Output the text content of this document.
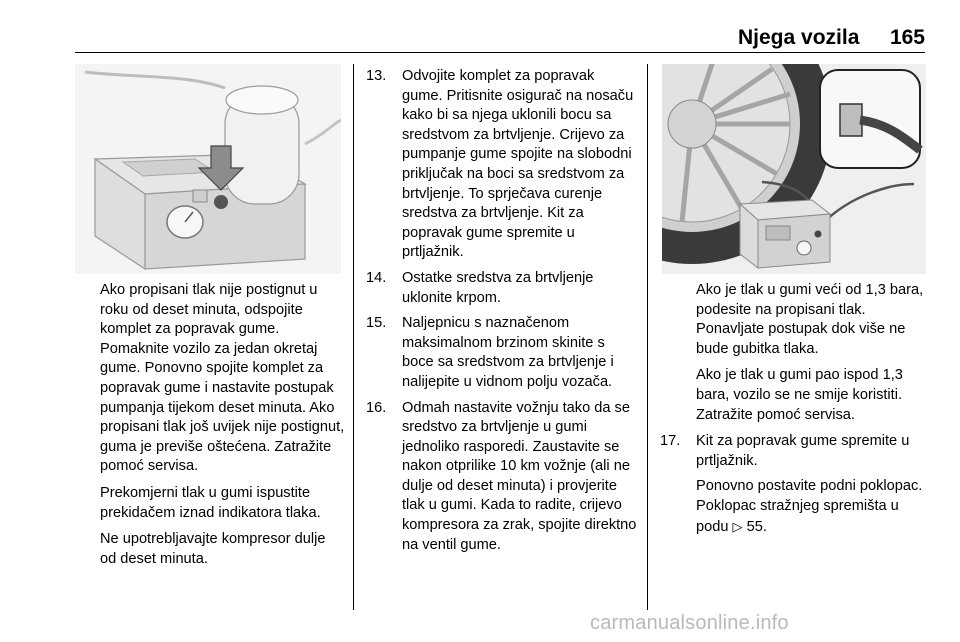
Njega vozila	165

Ako propisani tlak nije postignut u roku od deset minuta, odspojite komplet za popravak gume. Pomaknite vozilo za jedan okretaj gume. Ponovno spojite komplet za popravak gume i nastavite postupak pumpanja tijekom deset minuta. Ako propisani tlak još uvijek nije postignut, guma je previše oštećena. Zatražite pomoć servisa.

Prekomjerni tlak u gumi ispustite prekidačem iznad indikatora tlaka.

Ne upotrebljavajte kompresor dulje od deset minuta.

13. Odvojite komplet za popravak gume. Pritisnite osigurač na nosaču kako bi sa njega uklonili bocu sa sredstvom za brtvljenje. Crijevo za pumpanje gume spojite na slobodni priključak na boci sa sredstvom za brtvljenje. To sprječava curenje sredstva za brtvljenje. Kit za popravak gume spremite u prtljažnik.
14. Ostatke sredstva za brtvljenje uklonite krpom.
15. Naljepnicu s naznačenom maksimalnom brzinom skinite s boce sa sredstvom za brtvljenje i nalijepite u vidnom polju vozača.
16. Odmah nastavite vožnju tako da se sredstvo za brtvljenje u gumi jednoliko rasporedi. Zaustavite se nakon otprilike 10 km vožnje (ali ne dulje od deset minuta) i provjerite tlak u gumi. Kada to radite, crijevo kompresora za zrak, spojite direktno na ventil gume.

Ako je tlak u gumi veći od 1,3 bara, podesite na propisani tlak. Ponavljate postupak dok više ne bude gubitka tlaka.

Ako je tlak u gumi pao ispod 1,3 bara, vozilo se ne smije koristiti. Zatražite pomoć servisa.

17. Kit za popravak gume spremite u prtljažnik.

Ponovno postavite podni poklopac. Poklopac stražnjeg spremišta u podu ▷ 55.

carmanualsonline.info
